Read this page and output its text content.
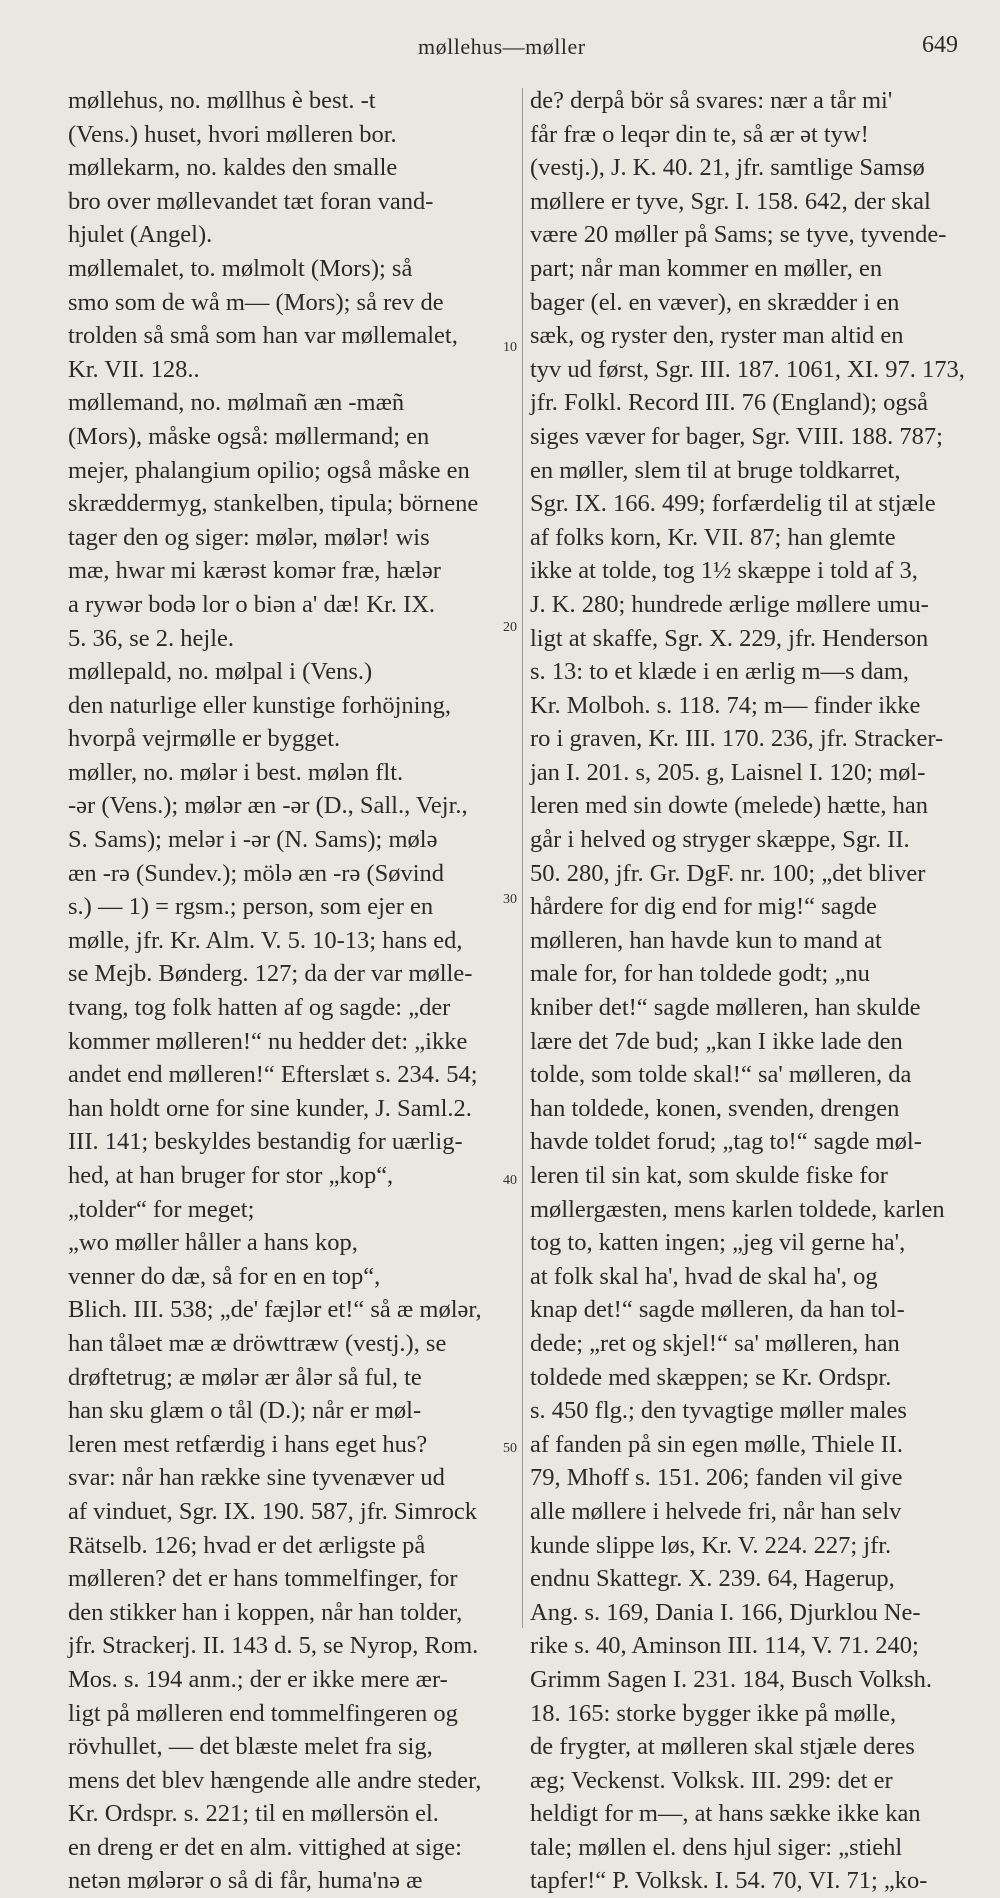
møllehus—møller	649
møllehus, no. møllhus è best. -t
(Vens.) huset, hvori mølleren bor.
møllekarm, no. kaldes den smalle
bro over møllevandet tæt foran vand-
hjulet (Angel).
møllemalet, to. mølmolt (Mors); så
smo som de wå m— (Mors); så rev de
trolden så små som han var møllemalet,
Kr. VII. 128..
møllemand, no. mølmañ æn -mæñ
(Mors), måske også: møllermand; en
mejer, phalangium opilio; også måske en
skræddermyg, stankelben, tipula; börnene
tager den og siger: mølər, mølər! wis
mæ, hwar mi kærəst komər fræ, hælər
a rywər bodə lor o biən a' dæ! Kr. IX.
5. 36, se 2. hejle.
møllepald, no. mølpal i (Vens.)
den naturlige eller kunstige forhöjning,
hvorpå vejrmølle er bygget.
møller, no. mølər i best. mølən flt.
-ər (Vens.); mølər æn -ər (D., Sall., Vejr.,
S. Sams); melər i -ər (N. Sams); mølə
æn -rə (Sundev.); mölə æn -rə (Søvind
s.) — 1) = rgsm.; person, som ejer en
mølle, jfr. Kr. Alm. V. 5. 10-13; hans ed,
se Mejb. Bønderg. 127; da der var mølle-
tvang, tog folk hatten af og sagde: „der
kommer mølleren!“ nu hedder det: „ikke
andet end mølleren!“ Efterslæt s. 234. 54;
han holdt orne for sine kunder, J. Saml.2.
III. 141; beskyldes bestandig for uærlig-
hed, at han bruger for stor „kop“,
„tolder“ for meget;
„wo møller håller a hans kop,
venner do dæ, så for en en top“,
Blich. III. 538; „de' fæjlər et!“ så æ mølər,
han tåləet mæ æ dröwttræw (vestj.), se
drøftetrug; æ mølər ær ålər så ful, te
han sku glæm o tål (D.); når er møl-
leren mest retfærdig i hans eget hus?
svar: når han række sine tyvenæver ud
af vinduet, Sgr. IX. 190. 587, jfr. Simrock
Rätselb. 126; hvad er det ærligste på
mølleren? det er hans tommelfinger, for
den stikker han i koppen, når han tolder,
jfr. Strackerj. II. 143 d. 5, se Nyrop, Rom.
Mos. s. 194 anm.; der er ikke mere ær-
ligt på mølleren end tommelfingeren og
rövhullet, — det blæste melet fra sig,
mens det blev hængende alle andre steder,
Kr. Ordspr. s. 221; til en møllersön el.
en dreng er det en alm. vittighed at sige:
netən mølərər o så di får, huma'nə æ
de? derpå bör så svares: nær a tår mi'
får fræ o leqər din te, så ær ət tyw!
(vestj.), J. K. 40. 21, jfr. samtlige Samsø
møllere er tyve, Sgr. I. 158. 642, der skal
være 20 møller på Sams; se tyve, tyvende-
part; når man kommer en møller, en
bager (el. en væver), en skrædder i en
sæk, og ryster den, ryster man altid en
tyv ud først, Sgr. III. 187. 1061, XI. 97. 173,
jfr. Folkl. Record III. 76 (England); også
siges væver for bager, Sgr. VIII. 188. 787;
en møller, slem til at bruge toldkarret,
Sgr. IX. 166. 499; forfærdelig til at stjæle
af folks korn, Kr. VII. 87; han glemte
ikke at tolde, tog 1½ skæppe i told af 3,
J. K. 280; hundrede ærlige møllere umu-
ligt at skaffe, Sgr. X. 229, jfr. Henderson
s. 13: to et klæde i en ærlig m—s dam,
Kr. Molboh. s. 118. 74; m— finder ikke
ro i graven, Kr. III. 170. 236, jfr. Stracker-
jan I. 201. s, 205. g, Laisnel I. 120; møl-
leren med sin dowte (melede) hætte, han
går i helved og stryger skæppe, Sgr. II.
50. 280, jfr. Gr. DgF. nr. 100; „det bliver
hårdere for dig end for mig!“ sagde
mølleren, han havde kun to mand at
male for, for han toldede godt; „nu
kniber det!“ sagde mølleren, han skulde
lære det 7de bud; „kan I ikke lade den
tolde, som tolde skal!“ sa' mølleren, da
han toldede, konen, svenden, drengen
havde toldet forud; „tag to!“ sagde møl-
leren til sin kat, som skulde fiske for
møllergæsten, mens karlen toldede, karlen
tog to, katten ingen; „jeg vil gerne ha',
at folk skal ha', hvad de skal ha', og
knap det!“ sagde mølleren, da han tol-
dede; „ret og skjel!“ sa' mølleren, han
toldede med skæppen; se Kr. Ordspr.
s. 450 flg.; den tyvagtige møller males
af fanden på sin egen mølle, Thiele II.
79, Mhoff s. 151. 206; fanden vil give
alle møllere i helvede fri, når han selv
kunde slippe løs, Kr. V. 224. 227; jfr.
endnu Skattegr. X. 239. 64, Hagerup,
Ang. s. 169, Dania I. 166, Djurklou Ne-
rike s. 40, Aminson III. 114, V. 71. 240;
Grimm Sagen I. 231. 184, Busch Volksh.
18. 165: storke bygger ikke på mølle,
de frygter, at mølleren skal stjæle deres
æg; Veckenst. Volksk. III. 299: det er
heldigt for m—, at hans sække ikke kan
tale; møllen el. dens hjul siger: „stiehl
tapfer!“ P. Volksk. I. 54. 70, VI. 71; „ko-
10
20
30
40
50
